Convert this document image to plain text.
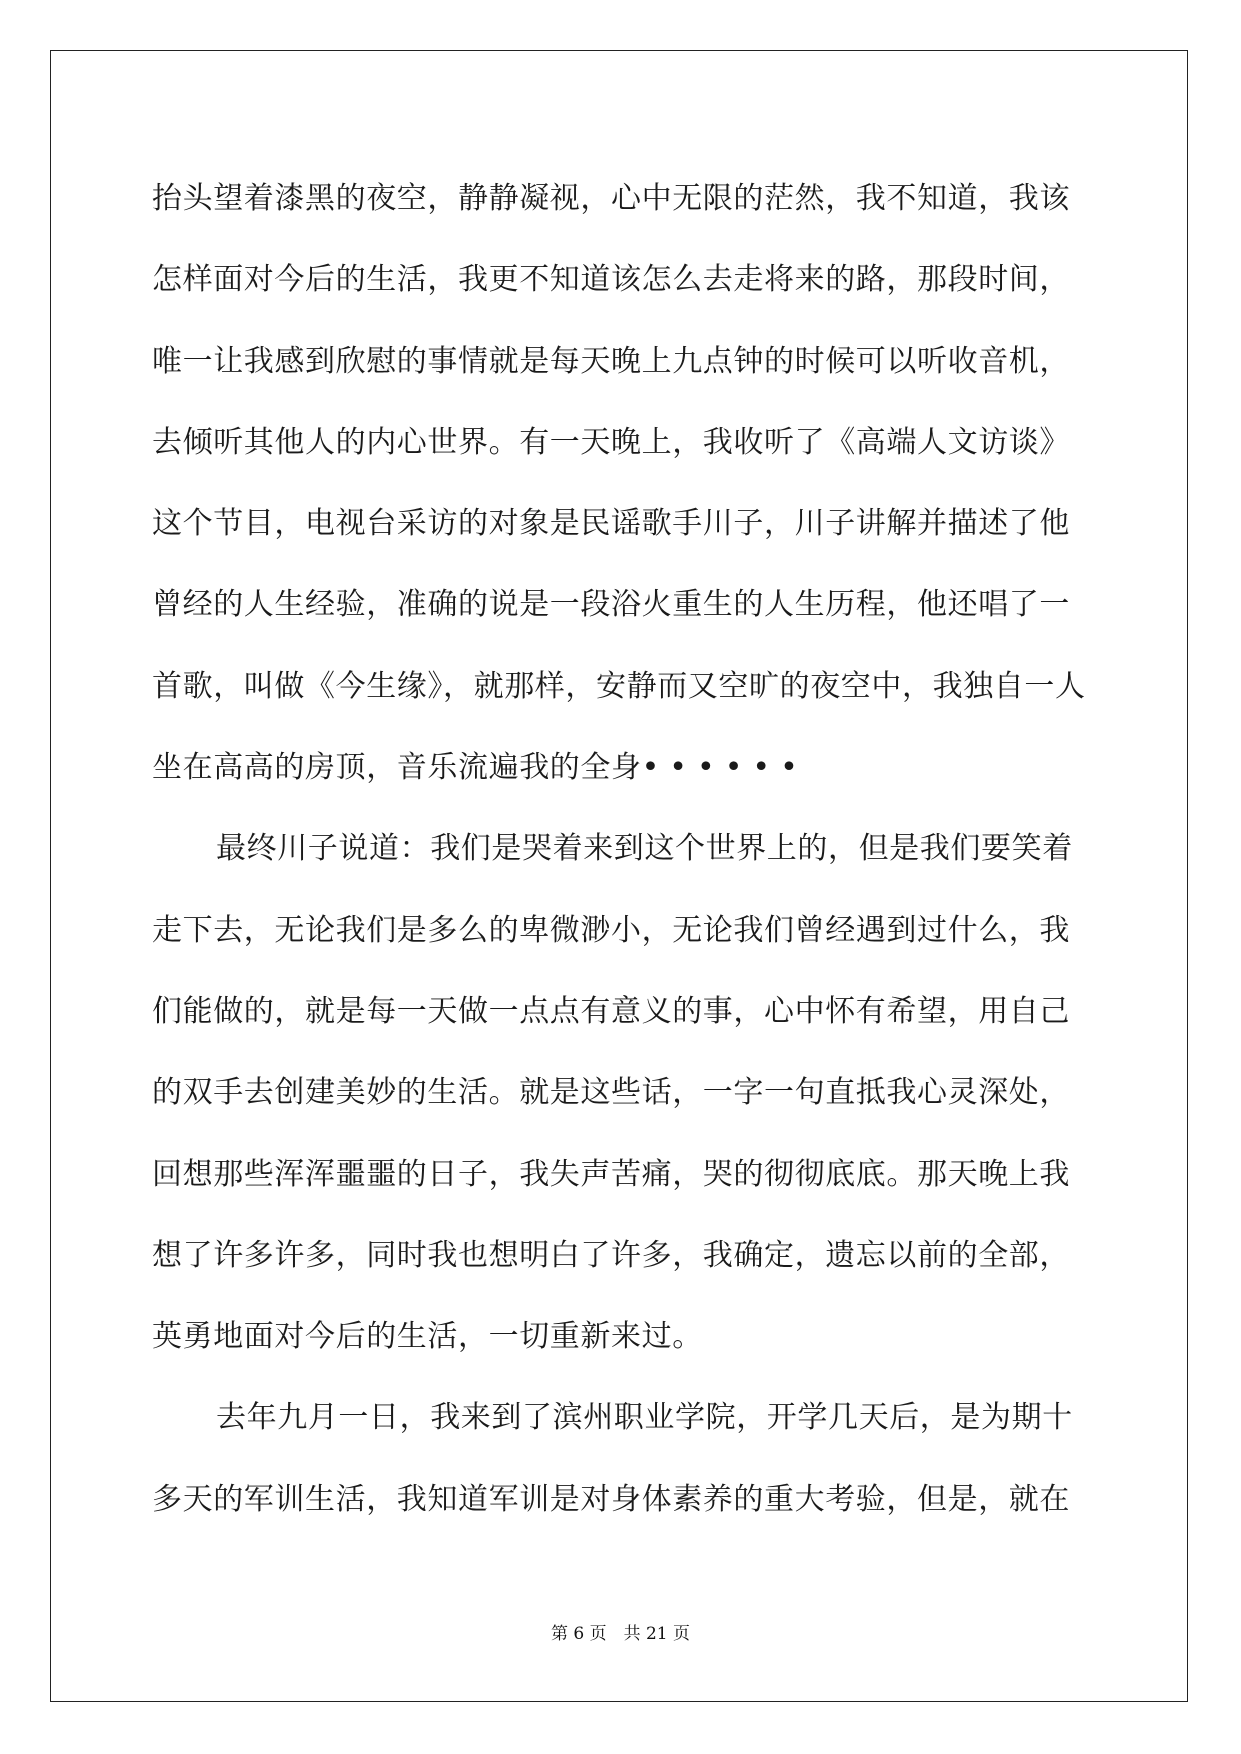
抬头望着漆黑的夜空，静静凝视，心中无限的茫然，我不知道，我该
怎样面对今后的生活，我更不知道该怎么去走将来的路，那段时间，
唯一让我感到欣慰的事情就是每天晚上九点钟的时候可以听收音机，
去倾听其他人的内心世界。有一天晚上，我收听了《高端人文访谈》
这个节目，电视台采访的对象是民谣歌手川子，川子讲解并描述了他
曾经的人生经验，准确的说是一段浴火重生的人生历程，他还唱了一
首歌，叫做《今生缘》，就那样，安静而又空旷的夜空中，我独自一人
坐在高高的房顶，音乐流遍我的全身••••••
最终川子说道：我们是哭着来到这个世界上的，但是我们要笑着
走下去，无论我们是多么的卑微渺小，无论我们曾经遇到过什么，我
们能做的，就是每一天做一点点有意义的事，心中怀有希望，用自己
的双手去创建美妙的生活。就是这些话，一字一句直抵我心灵深处，
回想那些浑浑噩噩的日子，我失声苦痛，哭的彻彻底底。那天晚上我
想了许多许多，同时我也想明白了许多，我确定，遗忘以前的全部，
英勇地面对今后的生活，一切重新来过。
去年九月一日，我来到了滨州职业学院，开学几天后，是为期十
多天的军训生活，我知道军训是对身体素养的重大考验，但是，就在
第 6 页　共 21 页
